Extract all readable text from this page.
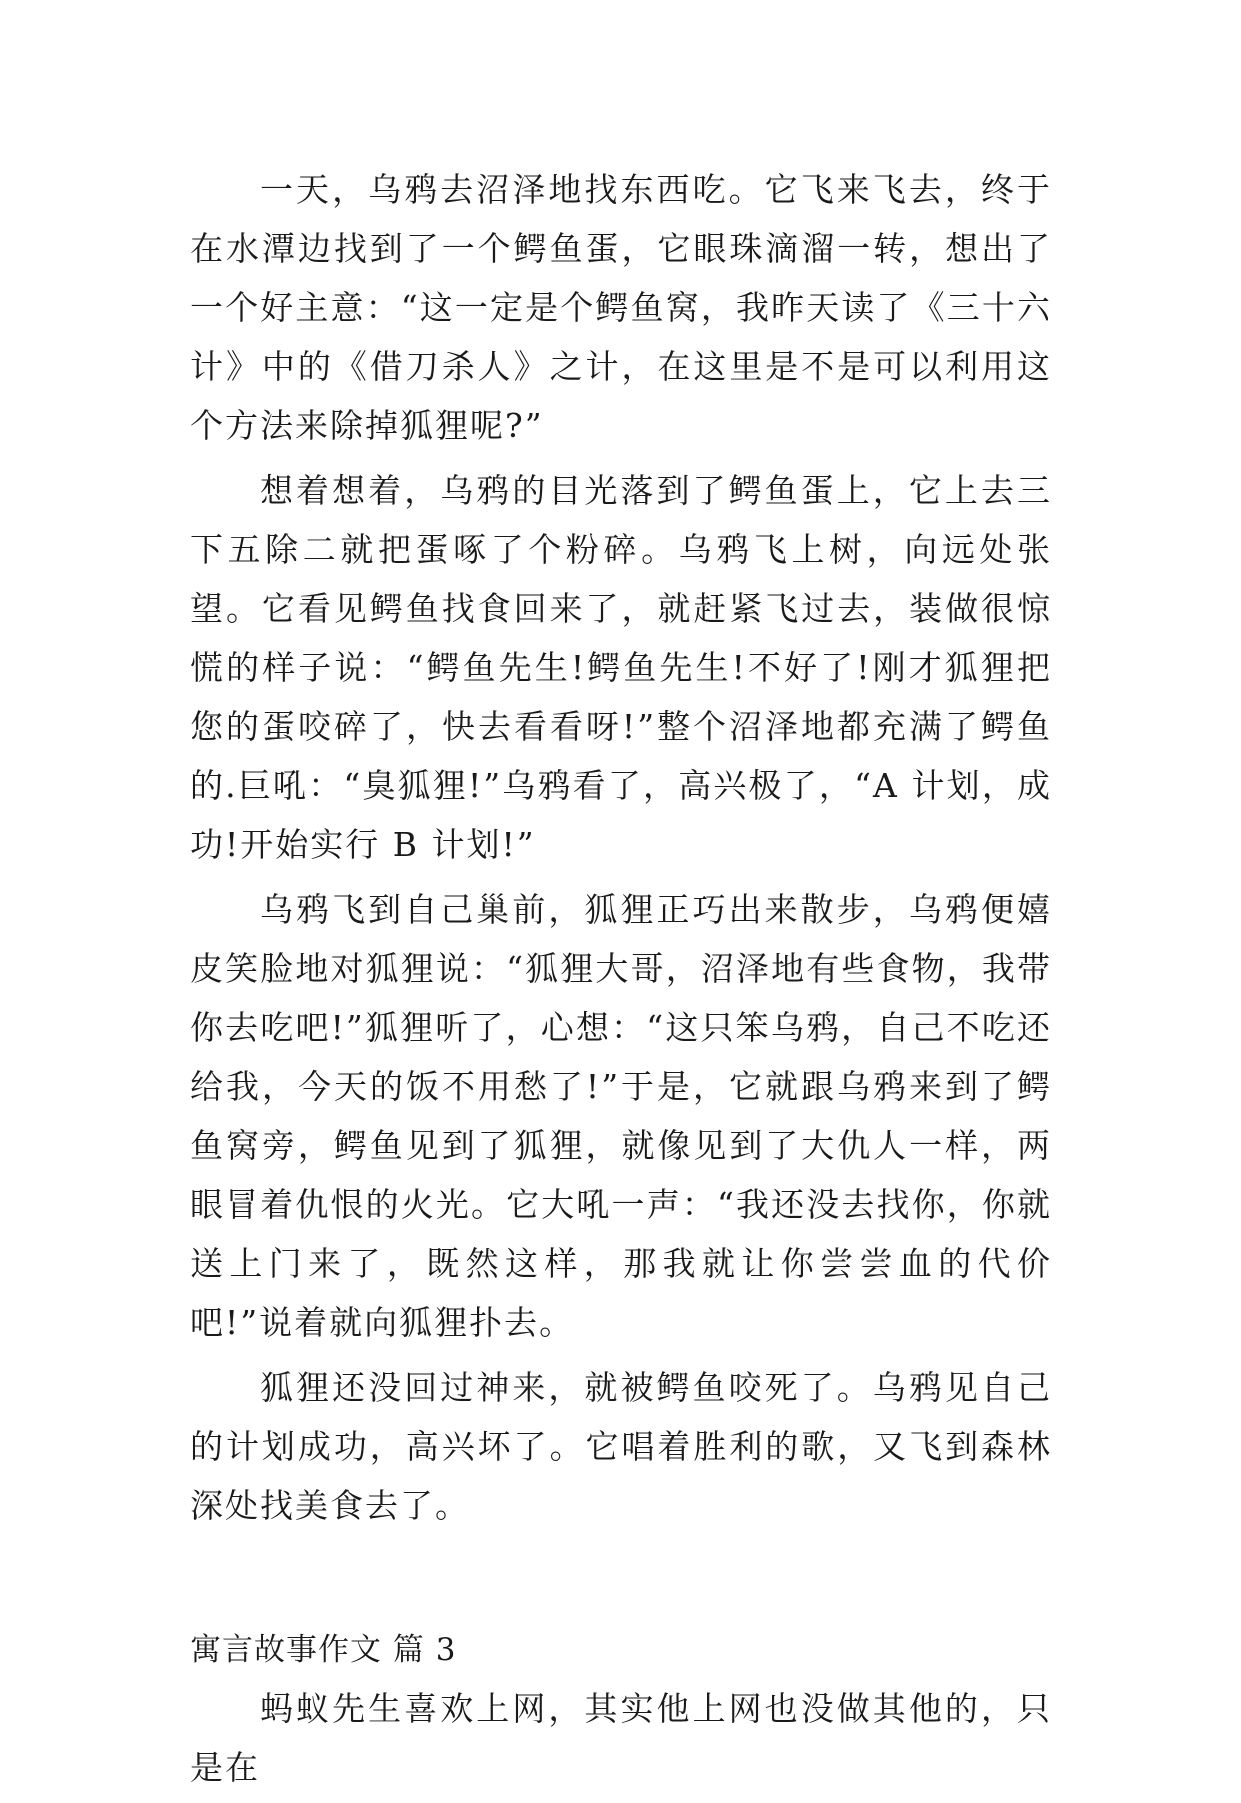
一天，乌鸦去沼泽地找东西吃。它飞来飞去，终于在水潭边找到了一个鳄鱼蛋，它眼珠滴溜一转，想出了一个好主意：“这一定是个鳄鱼窝，我昨天读了《三十六计》中的《借刀杀人》之计，在这里是不是可以利用这个方法来除掉狐狸呢?”

想着想着，乌鸦的目光落到了鳄鱼蛋上，它上去三下五除二就把蛋啄了个粉碎。乌鸦飞上树，向远处张望。它看见鳄鱼找食回来了，就赶紧飞过去，装做很惊慌的样子说：“鳄鱼先生!鳄鱼先生!不好了!刚才狐狸把您的蛋咬碎了，快去看看呀!”整个沼泽地都充满了鳄鱼的.巨吼：“臭狐狸!”乌鸦看了，高兴极了，“A 计划，成功!开始实行 B 计划!”

乌鸦飞到自己巢前，狐狸正巧出来散步，乌鸦便嬉皮笑脸地对狐狸说：“狐狸大哥，沼泽地有些食物，我带你去吃吧!”狐狸听了，心想：“这只笨乌鸦，自己不吃还给我，今天的饭不用愁了!”于是，它就跟乌鸦来到了鳄鱼窝旁，鳄鱼见到了狐狸，就像见到了大仇人一样，两眼冒着仇恨的火光。它大吼一声：“我还没去找你，你就送上门来了，既然这样，那我就让你尝尝血的代价吧!”说着就向狐狸扑去。

狐狸还没回过神来，就被鳄鱼咬死了。乌鸦见自己的计划成功，高兴坏了。它唱着胜利的歌，又飞到森林深处找美食去了。

寓言故事作文 篇 3

蚂蚁先生喜欢上网，其实他上网也没做其他的，只是在
